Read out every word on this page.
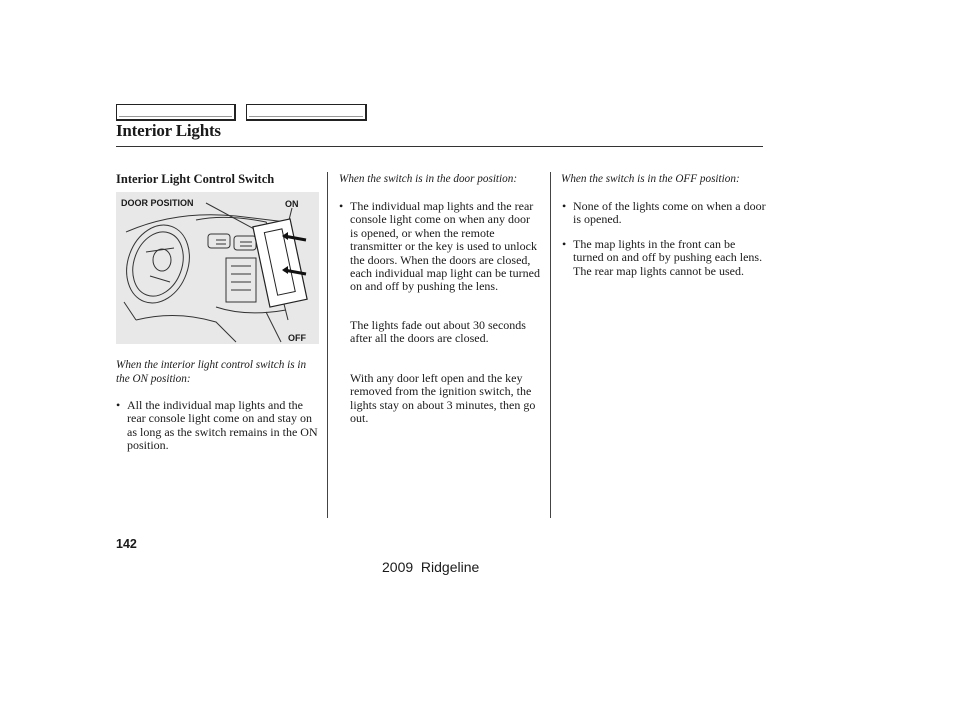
Interior Lights
Interior Light Control Switch
DOOR POSITION	ON
OFF
When the interior light control switch is in the ON position:
• All the individual map lights and the rear console light come on and stay on as long as the switch remains in the ON position.
When the switch is in the door position:
• The individual map lights and the rear console light come on when any door is opened, or when the remote transmitter or the key is used to unlock the doors. When the doors are closed, each individual map light can be turned on and off by pushing the lens.
The lights fade out about 30 seconds after all the doors are closed.
With any door left open and the key removed from the ignition switch, the lights stay on about 3 minutes, then go out.
When the switch is in the OFF position:
• None of the lights come on when a door is opened.
• The map lights in the front can be turned on and off by pushing each lens. The rear map lights cannot be used.
142
2009  Ridgeline
